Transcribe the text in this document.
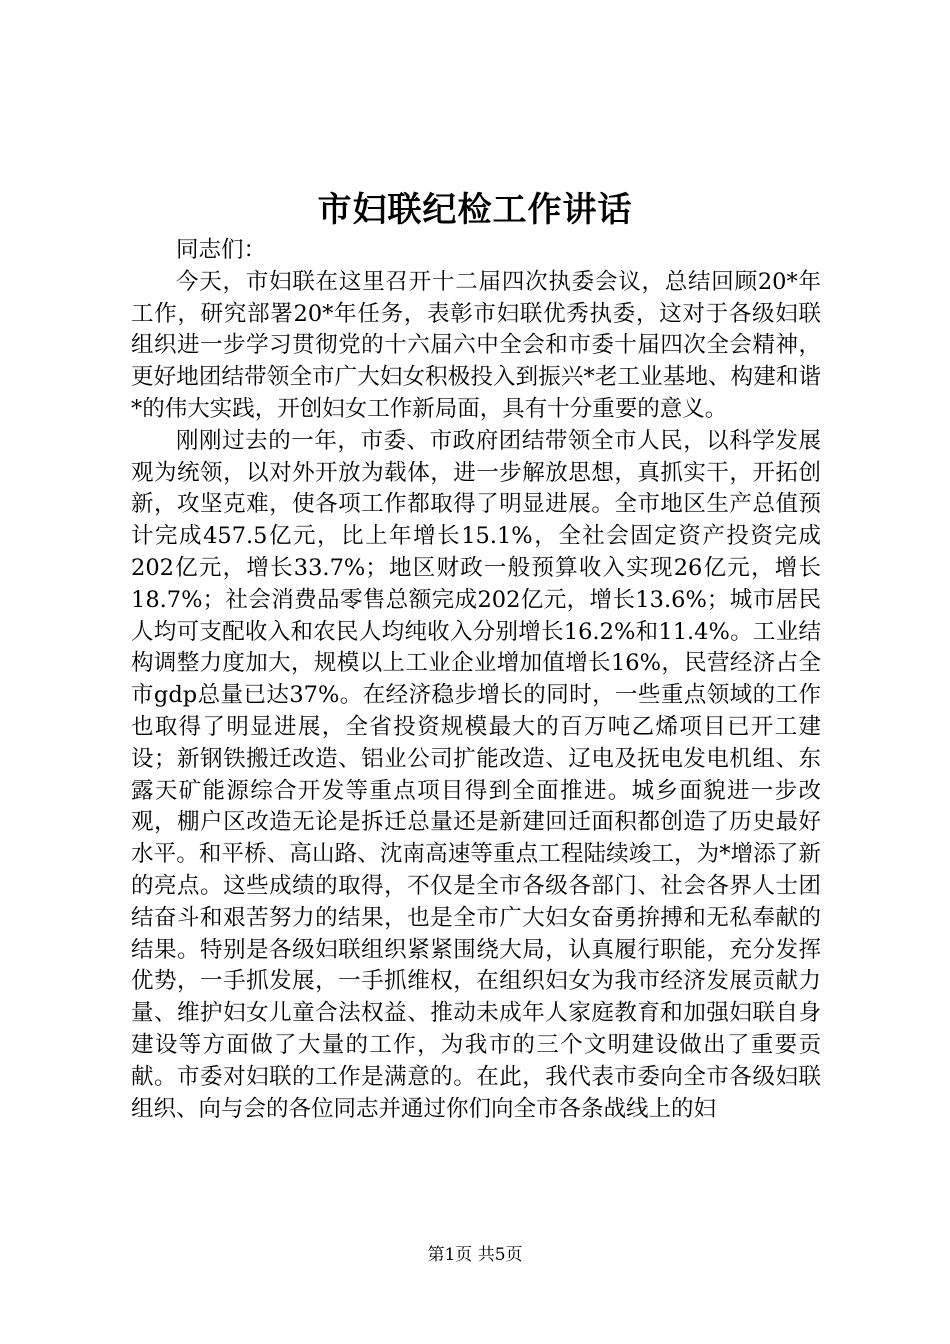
市妇联纪检工作讲话

同志们：

今天，市妇联在这里召开十二届四次执委会议，总结回顾20*年工作，研究部署20*年任务，表彰市妇联优秀执委，这对于各级妇联组织进一步学习贯彻党的十六届六中全会和市委十届四次全会精神，更好地团结带领全市广大妇女积极投入到振兴*老工业基地、构建和谐*的伟大实践，开创妇女工作新局面，具有十分重要的意义。

刚刚过去的一年，市委、市政府团结带领全市人民，以科学发展观为统领，以对外开放为载体，进一步解放思想，真抓实干，开拓创新，攻坚克难，使各项工作都取得了明显进展。全市地区生产总值预计完成457.5亿元，比上年增长15.1%，全社会固定资产投资完成202亿元，增长33.7%；地区财政一般预算收入实现26亿元，增长18.7%；社会消费品零售总额完成202亿元，增长13.6%；城市居民人均可支配收入和农民人均纯收入分别增长16.2%和11.4%。工业结构调整力度加大，规模以上工业企业增加值增长16%，民营经济占全市gdp总量已达37%。在经济稳步增长的同时，一些重点领域的工作也取得了明显进展，全省投资规模最大的百万吨乙烯项目已开工建设；新钢铁搬迁改造、铝业公司扩能改造、辽电及抚电发电机组、东露天矿能源综合开发等重点项目得到全面推进。城乡面貌进一步改观，棚户区改造无论是拆迁总量还是新建回迁面积都创造了历史最好水平。和平桥、高山路、沈南高速等重点工程陆续竣工，为*增添了新的亮点。这些成绩的取得，不仅是全市各级各部门、社会各界人士团结奋斗和艰苦努力的结果，也是全市广大妇女奋勇拚搏和无私奉献的结果。特别是各级妇联组织紧紧围绕大局，认真履行职能，充分发挥优势，一手抓发展，一手抓维权，在组织妇女为我市经济发展贡献力量、维护妇女儿童合法权益、推动未成年人家庭教育和加强妇联自身建设等方面做了大量的工作，为我市的三个文明建设做出了重要贡献。市委对妇联的工作是满意的。在此，我代表市委向全市各级妇联组织、向与会的各位同志并通过你们向全市各条战线上的妇

第1页 共5页
